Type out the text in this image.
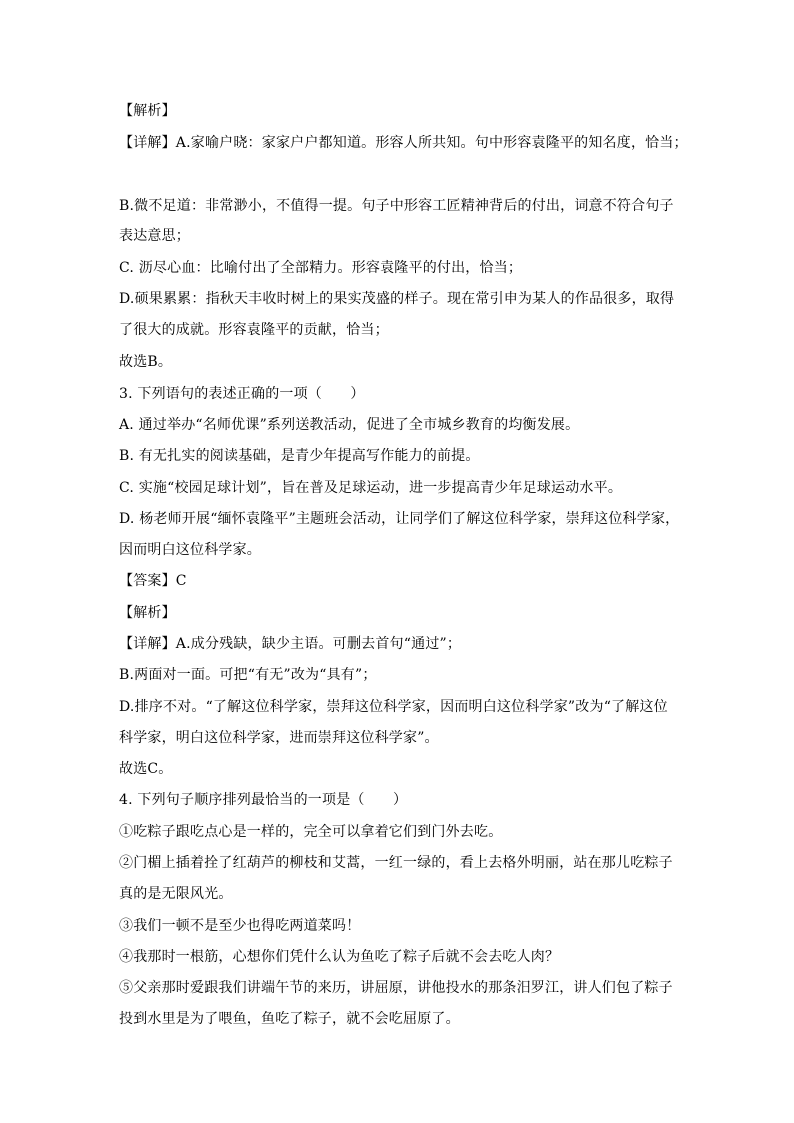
【解析】
【详解】A.家喻户晓：家家户户都知道。形容人所共知。句中形容袁隆平的知名度，恰当；
B.微不足道：非常渺小，不值得一提。句子中形容工匠精神背后的付出，词意不符合句子
表达意思；
C. 沥尽心血：比喻付出了全部精力。形容袁隆平的付出，恰当；
D.硕果累累：指秋天丰收时树上的果实茂盛的样子。现在常引申为某人的作品很多，取得
了很大的成就。形容袁隆平的贡献，恰当；
故选B。
3. 下列语句的表述正确的一项（　　）
A. 通过举办“名师优课”系列送教活动，促进了全市城乡教育的均衡发展。
B. 有无扎实的阅读基础，是青少年提高写作能力的前提。
C. 实施“校园足球计划”，旨在普及足球运动，进一步提高青少年足球运动水平。
D. 杨老师开展“缅怀袁隆平”主题班会活动，让同学们了解这位科学家，崇拜这位科学家，
因而明白这位科学家。
【答案】C
【解析】
【详解】A.成分残缺，缺少主语。可删去首句“通过”；
B.两面对一面。可把“有无”改为“具有”；
D.排序不对。“了解这位科学家，崇拜这位科学家，因而明白这位科学家”改为“了解这位
科学家，明白这位科学家，进而崇拜这位科学家”。
故选C。
4. 下列句子顺序排列最恰当的一项是（　　）
①吃粽子跟吃点心是一样的，完全可以拿着它们到门外去吃。
②门楣上插着拴了红葫芦的柳枝和艾蒿，一红一绿的，看上去格外明丽，站在那儿吃粽子
真的是无限风光。
③我们一顿不是至少也得吃两道菜吗！
④我那时一根筋，心想你们凭什么认为鱼吃了粽子后就不会去吃人肉？
⑤父亲那时爱跟我们讲端午节的来历，讲屈原，讲他投水的那条汨罗江，讲人们包了粽子
投到水里是为了喂鱼，鱼吃了粽子，就不会吃屈原了。
